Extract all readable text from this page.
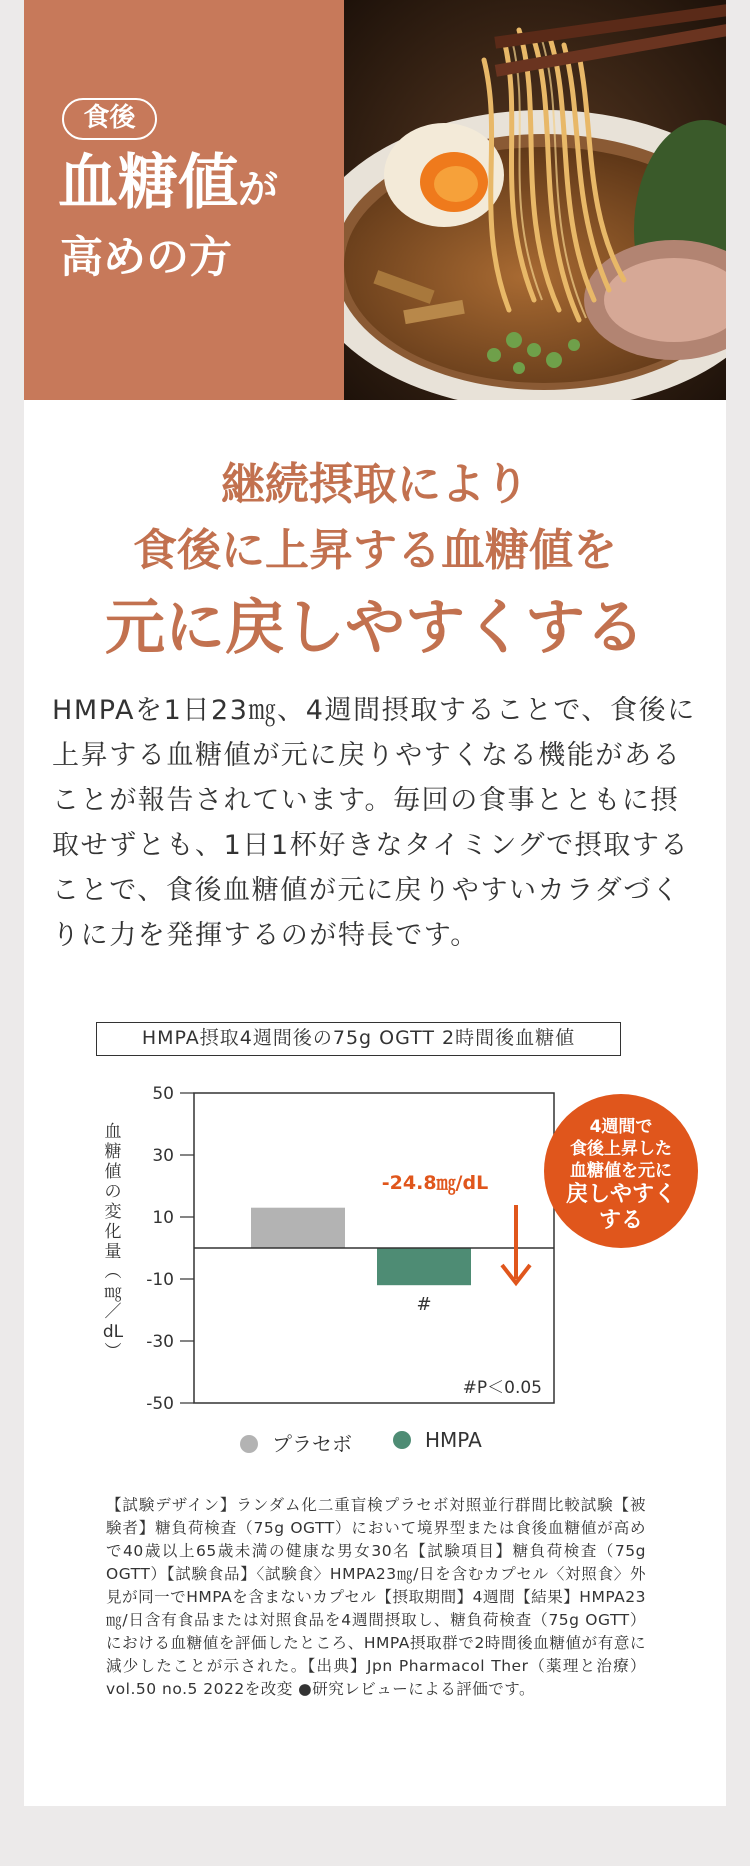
食後
血糖値が
高めの方
継続摂取により
食後に上昇する血糖値を
元に戻しやすくする
HMPAを1日23㎎、4週間摂取することで、食後に上昇する血糖値が元に戻りやすくなる機能があることが報告されています。毎回の食事とともに摂取せずとも、1日1杯好きなタイミングで摂取することで、食後血糖値が元に戻りやすいカラダづくりに力を発揮するのが特長です。
HMPA摂取4週間後の75g OGTT 2時間後血糖値
血
糖
値
の
変
化
量
︵
㎎
／
dL
︶
50
30
10
-10
-30
-50
-24.8㎎/dL
#
#P＜0.05
4週間で
食後上昇した
血糖値を元に
戻しやすく
する
プラセボ	HMPA
【試験デザイン】ランダム化二重盲検プラセボ対照並行群間比較試験【被験者】糖負荷検査（75g OGTT）において境界型または食後血糖値が高めで40歳以上65歳未満の健康な男女30名【試験項目】糖負荷検査（75g OGTT）【試験食品】〈試験食〉HMPA23㎎/日を含むカプセル〈対照食〉外見が同一でHMPAを含まないカプセル【摂取期間】4週間【結果】HMPA23㎎/日含有食品または対照食品を4週間摂取し、糖負荷検査（75g OGTT）における血糖値を評価したところ、HMPA摂取群で2時間後血糖値が有意に減少したことが示された。【出典】Jpn Pharmacol Ther（薬理と治療）vol.50 no.5 2022を改変 ●研究レビューによる評価です。
